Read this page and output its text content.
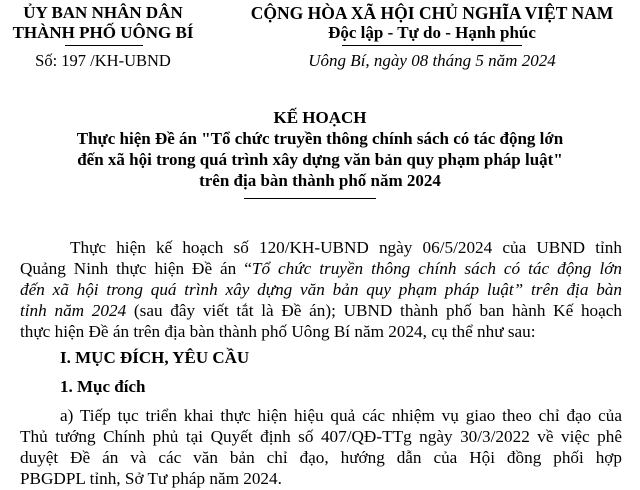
ỦY BAN NHÂN DÂN
THÀNH PHỐ UÔNG BÍ
Số: 197 /KH-UBND
CỘNG HÒA XÃ HỘI CHỦ NGHĨA VIỆT NAM
Độc lập - Tự do - Hạnh phúc
Uông Bí, ngày 08 tháng 5 năm 2024
KẾ HOẠCH
Thực hiện Đề án "Tổ chức truyền thông chính sách có tác động lớn
đến xã hội trong quá trình xây dựng văn bản quy phạm pháp luật"
trên địa bàn thành phố năm 2024
Thực hiện kế hoạch số 120/KH-UBND ngày 06/5/2024 của UBND tỉnh
Quảng Ninh thực hiện Đề án “Tổ chức truyền thông chính sách có tác động lớn
đến xã hội trong quá trình xây dựng văn bản quy phạm pháp luật” trên địa bàn
tỉnh năm 2024 (sau đây viết tắt là Đề án); UBND thành phố ban hành Kế hoạch
thực hiện Đề án trên địa bàn thành phố Uông Bí năm 2024, cụ thể như sau:
I. MỤC ĐÍCH, YÊU CẦU
1. Mục đích
a) Tiếp tục triển khai thực hiện hiệu quả các nhiệm vụ giao theo chỉ đạo của
Thủ tướng Chính phủ tại Quyết định số 407/QĐ-TTg ngày 30/3/2022 về việc phê
duyệt Đề án và các văn bản chỉ đạo, hướng dẫn của Hội đồng phối hợp
PBGDPL tỉnh, Sở Tư pháp năm 2024.
